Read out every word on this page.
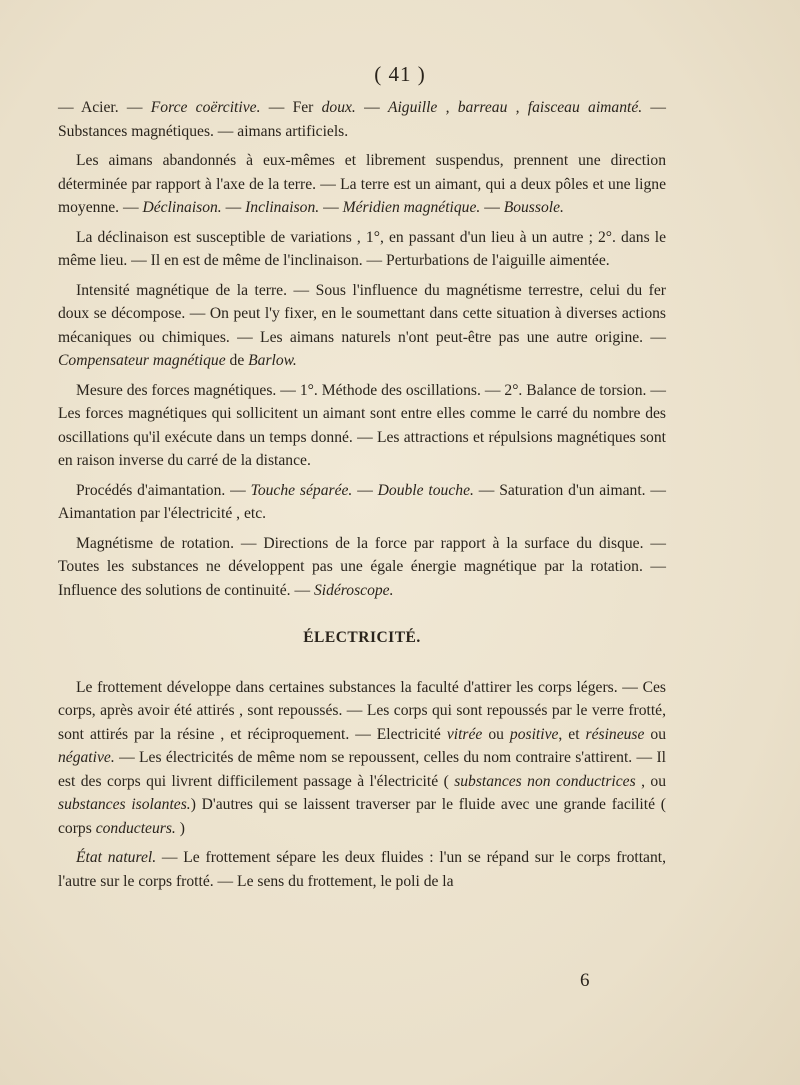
( 41 )

— Acier. — Force coërcitive. — Fer doux. — Aiguille , barreau , faisceau aimanté. — Substances magnétiques. — aimans artificiels.

Les aimans abandonnés à eux-mêmes et librement suspendus, prennent une direction déterminée par rapport à l'axe de la terre. — La terre est un aimant, qui a deux pôles et une ligne moyenne. — Déclinaison. — Inclinaison. — Méridien magnétique. — Boussole.

La déclinaison est susceptible de variations , 1°, en passant d'un lieu à un autre ; 2°. dans le même lieu. — Il en est de même de l'inclinaison. — Perturbations de l'aiguille aimentée.

Intensité magnétique de la terre. — Sous l'influence du magnétisme terrestre, celui du fer doux se décompose. — On peut l'y fixer, en le soumettant dans cette situation à diverses actions mécaniques ou chimiques. — Les aimans naturels n'ont peut-être pas une autre origine. — Compensateur magnétique de Barlow.

Mesure des forces magnétiques. — 1°. Méthode des oscillations. — 2°. Balance de torsion. — Les forces magnétiques qui sollicitent un aimant sont entre elles comme le carré du nombre des oscillations qu'il exécute dans un temps donné. — Les attractions et répulsions magnétiques sont en raison inverse du carré de la distance.

Procédés d'aimantation. — Touche séparée. — Double touche. — Saturation d'un aimant. — Aimantation par l'électricité , etc.

Magnétisme de rotation. — Directions de la force par rapport à la surface du disque. — Toutes les substances ne développent pas une égale énergie magnétique par la rotation. — Influence des solutions de continuité. — Sidéroscope.

ÉLECTRICITÉ.

Le frottement développe dans certaines substances la faculté d'attirer les corps légers. — Ces corps, après avoir été attirés , sont repoussés. — Les corps qui sont repoussés par le verre frotté, sont attirés par la résine , et réciproquement. — Electricité vitrée ou positive, et résineuse ou négative. — Les électricités de même nom se repoussent, celles du nom contraire s'attirent. — Il est des corps qui livrent difficilement passage à l'électricité ( substances non conductrices , ou substances isolantes.) D'autres qui se laissent traverser par le fluide avec une grande facilité ( corps conducteurs. )

État naturel. — Le frottement sépare les deux fluides : l'un se répand sur le corps frottant, l'autre sur le corps frotté. — Le sens du frottement, le poli de la

6
